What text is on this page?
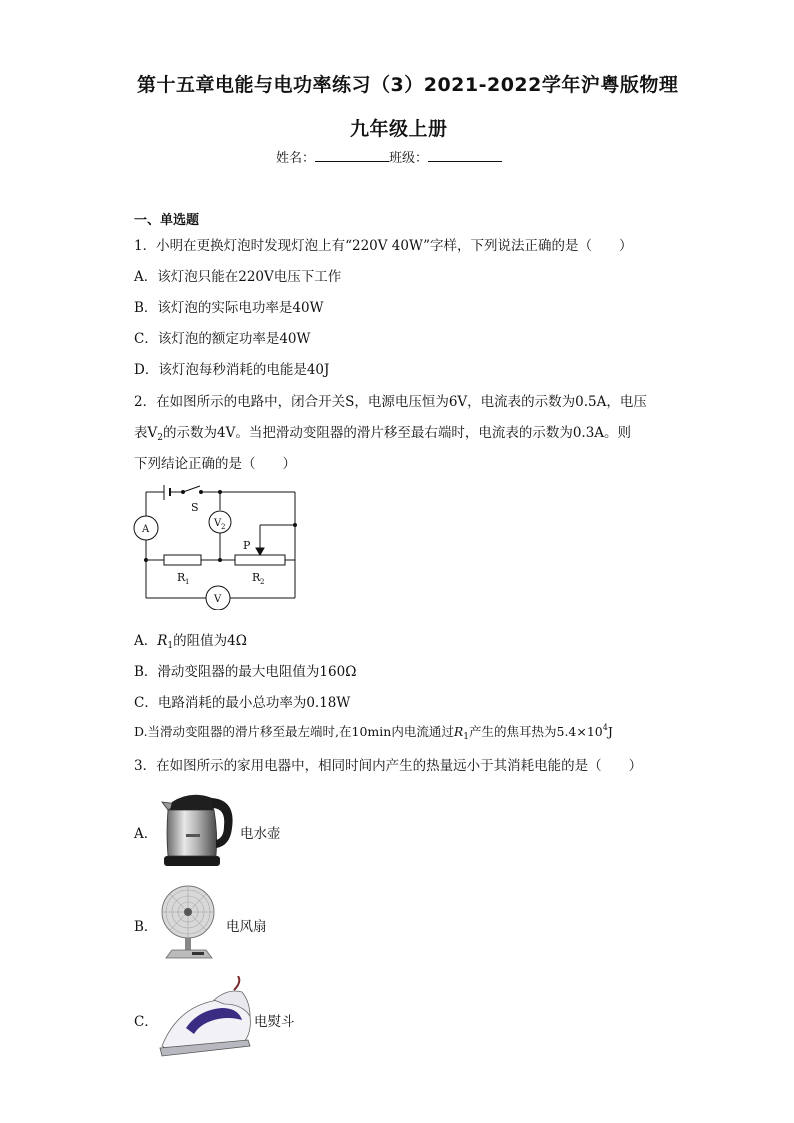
第十五章电能与电功率练习（3）2021-2022学年沪粤版物理
九年级上册
姓名：	班级：
一、单选题
1．小明在更换灯泡时发现灯泡上有“220V 40W”字样，下列说法正确的是（　　）
A．该灯泡只能在220V电压下工作
B．该灯泡的实际电功率是40W
C．该灯泡的额定功率是40W
D．该灯泡每秒消耗的电能是40J
2．在如图所示的电路中，闭合开关S，电源电压恒为6V，电流表的示数为0.5A，电压
表$V_2$的示数为4V。当把滑动变阻器的滑片移至最右端时，电流表的示数为0.3A。则
下列结论正确的是（　　）
S
A
V 2
V
P
R 1	R 2
A．$R_1$的阻值为4Ω
B．滑动变阻器的最大电阻值为160Ω
C．电路消耗的最小总功率为0.18W
D.当滑动变阻器的滑片移至最左端时,在10min内电流通过$R_1$产生的焦耳热为$5.4\times 10^4J$
3．在如图所示的家用电器中，相同时间内产生的热量远小于其消耗电能的是（　　）
A．	电水壶
B．	电风扇
C．	电熨斗
